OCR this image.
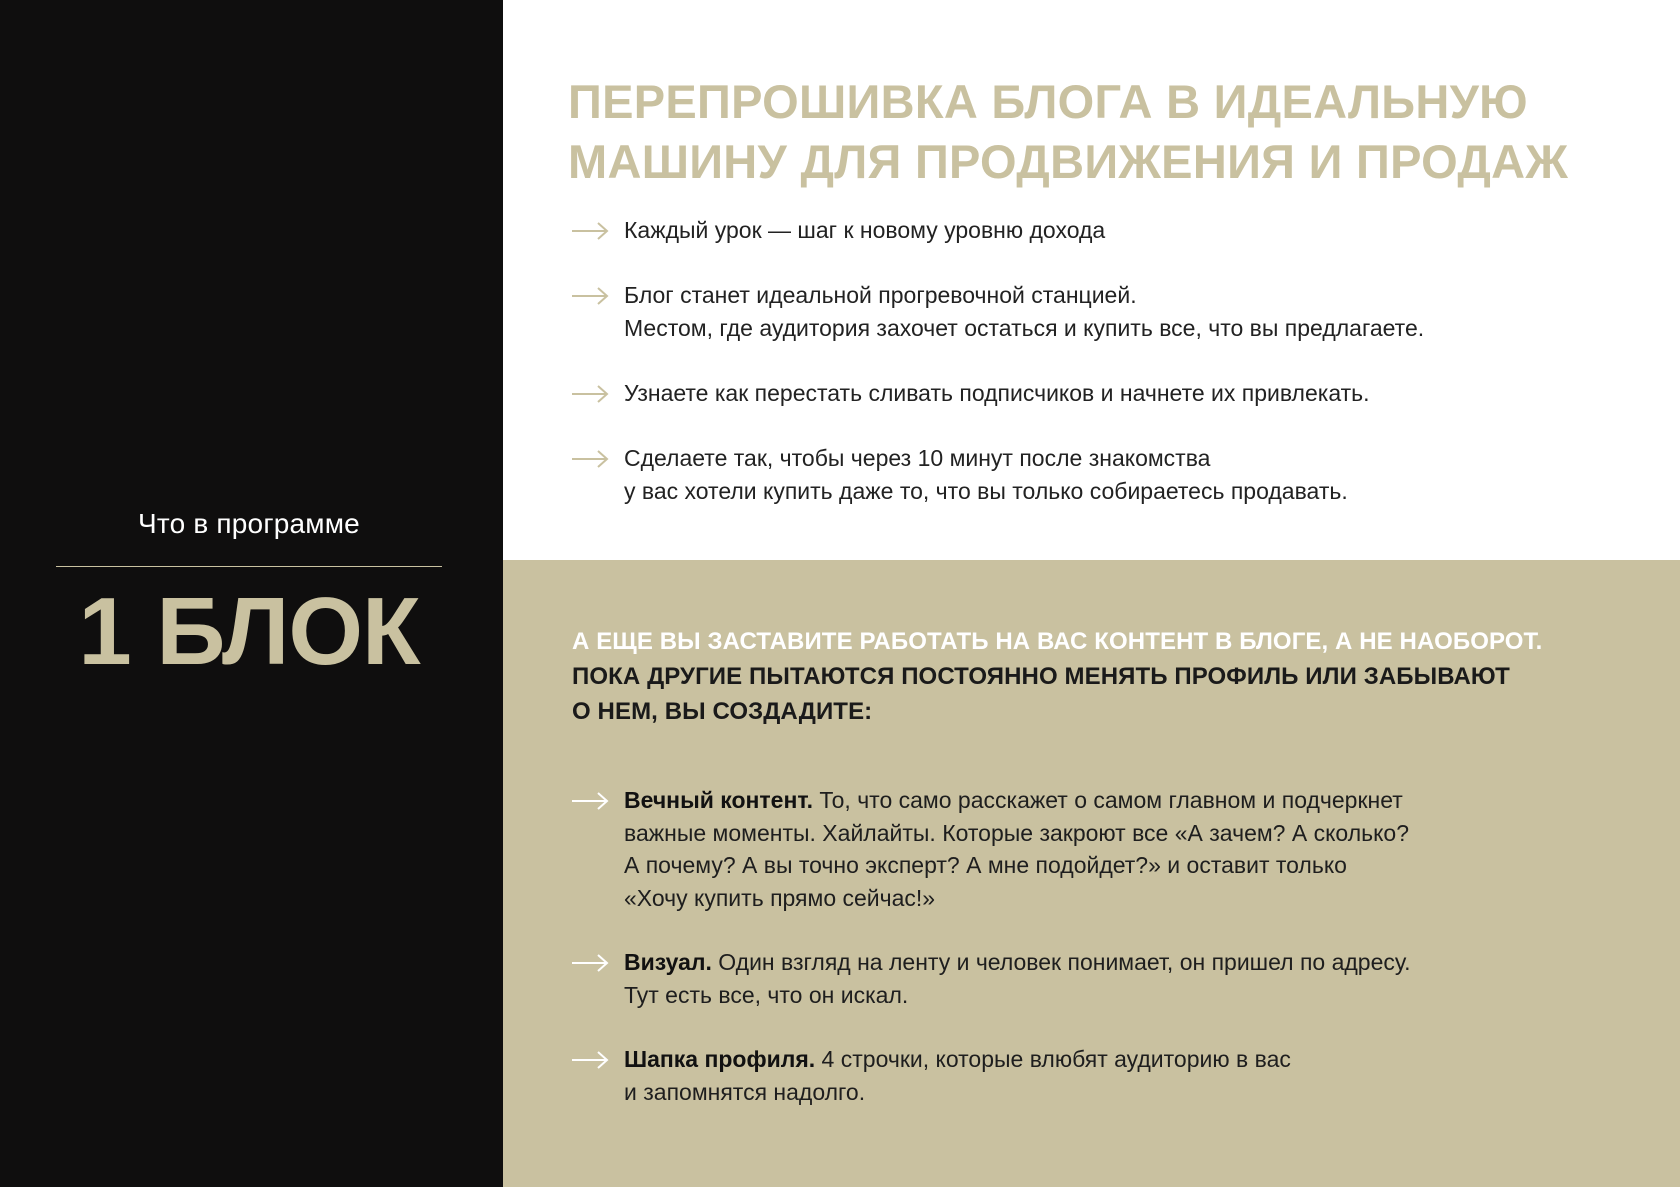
Что в программе
1 БЛОК
ПЕРЕПРОШИВКА БЛОГА В ИДЕАЛЬНУЮ
МАШИНУ ДЛЯ ПРОДВИЖЕНИЯ И ПРОДАЖ
Каждый урок — шаг к новому уровню дохода
Блог станет идеальной прогревочной станцией.
Местом, где аудитория захочет остаться и купить все, что вы предлагаете.
Узнаете как перестать сливать подписчиков и начнете их привлекать.
Сделаете так, чтобы через 10 минут после знакомства
у вас хотели купить даже то, что вы только собираетесь продавать.
А ЕЩЕ ВЫ ЗАСТАВИТЕ РАБОТАТЬ НА ВАС КОНТЕНТ В БЛОГЕ, А НЕ НАОБОРОТ.
ПОКА ДРУГИЕ ПЫТАЮТСЯ ПОСТОЯННО МЕНЯТЬ ПРОФИЛЬ ИЛИ ЗАБЫВАЮТ
О НЕМ, ВЫ СОЗДАДИТЕ:
Вечный контент. То, что само расскажет о самом главном и подчеркнет
важные моменты. Хайлайты. Которые закроют все «А зачем? А сколько?
А почему? А вы точно эксперт? А мне подойдет?» и оставит только
«Хочу купить прямо сейчас!»
Визуал. Один взгляд на ленту и человек понимает, он пришел по адресу.
Тут есть все, что он искал.
Шапка профиля. 4 строчки, которые влюбят аудиторию в вас
и запомнятся надолго.
